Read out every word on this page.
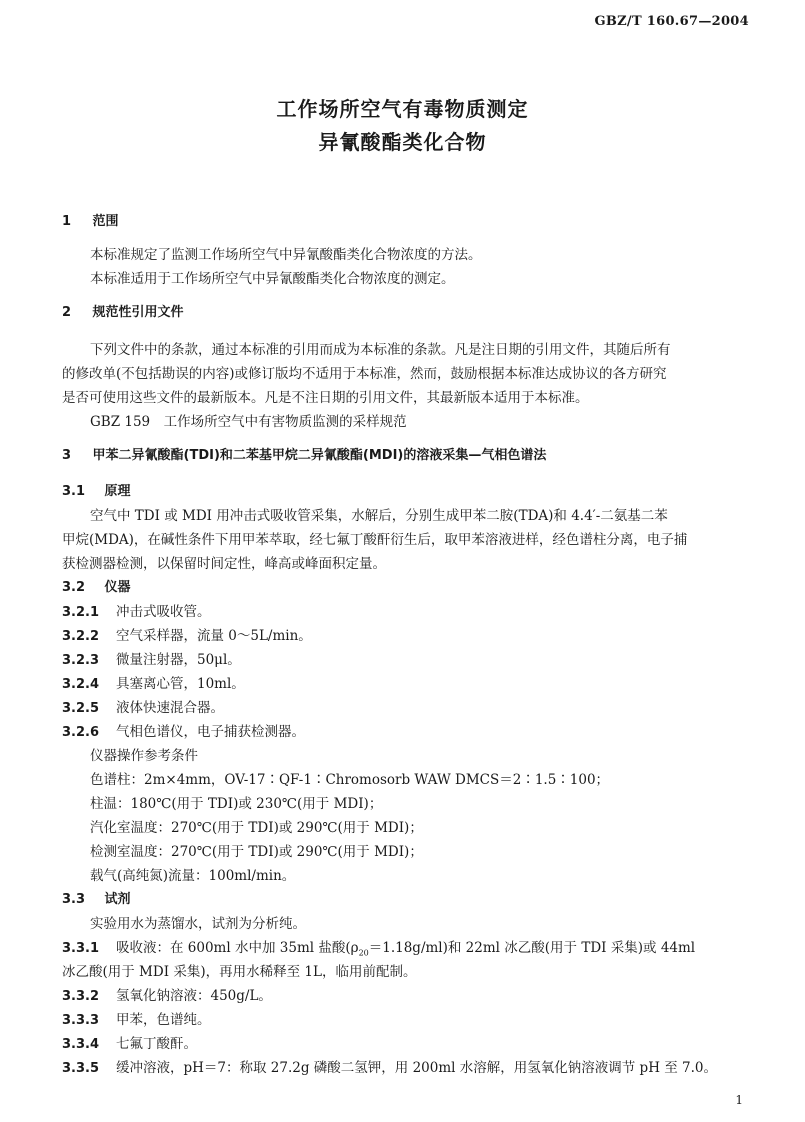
GBZ/T 160.67—2004
工作场所空气有毒物质测定
异氰酸酯类化合物
1 范围
本标准规定了监测工作场所空气中异氰酸酯类化合物浓度的方法。
本标准适用于工作场所空气中异氰酸酯类化合物浓度的测定。
2 规范性引用文件
下列文件中的条款，通过本标准的引用而成为本标准的条款。凡是注日期的引用文件，其随后所有
的修改单(不包括勘误的内容)或修订版均不适用于本标准，然而，鼓励根据本标准达成协议的各方研究
是否可使用这些文件的最新版本。凡是不注日期的引用文件，其最新版本适用于本标准。
GBZ 159　工作场所空气中有害物质监测的采样规范
3 甲苯二异氰酸酯(TDI)和二苯基甲烷二异氰酸酯(MDI)的溶液采集—气相色谱法
3.1 原理
空气中 TDI 或 MDI 用冲击式吸收管采集，水解后，分别生成甲苯二胺(TDA)和 4.4′-二氨基二苯
甲烷(MDA)，在碱性条件下用甲苯萃取，经七氟丁酸酐衍生后，取甲苯溶液进样，经色谱柱分离，电子捕
获检测器检测，以保留时间定性，峰高或峰面积定量。
3.2 仪器
3.2.1 冲击式吸收管。
3.2.2 空气采样器，流量 0～5L/min。
3.2.3 微量注射器，50μl。
3.2.4 具塞离心管，10ml。
3.2.5 液体快速混合器。
3.2.6 气相色谱仪，电子捕获检测器。
仪器操作参考条件
色谱柱：2m×4mm，OV-17∶QF-1∶Chromosorb WAW DMCS＝2∶1.5∶100；
柱温：180℃(用于 TDI)或 230℃(用于 MDI)；
汽化室温度：270℃(用于 TDI)或 290℃(用于 MDI)；
检测室温度：270℃(用于 TDI)或 290℃(用于 MDI)；
载气(高纯氮)流量：100ml/min。
3.3 试剂
实验用水为蒸馏水，试剂为分析纯。
3.3.1 吸收液：在 600ml 水中加 35ml 盐酸$(\rho_{20}=1.18g/ml)$和 22ml 冰乙酸(用于 TDI 采集)或 44ml
冰乙酸(用于 MDI 采集)，再用水稀释至 1L，临用前配制。
3.3.2 氢氧化钠溶液：450g/L。
3.3.3 甲苯，色谱纯。
3.3.4 七氟丁酸酐。
3.3.5 缓冲溶液，pH＝7：称取 27.2g 磷酸二氢钾，用 200ml 水溶解，用氢氧化钠溶液调节 pH 至 7.0。
1
